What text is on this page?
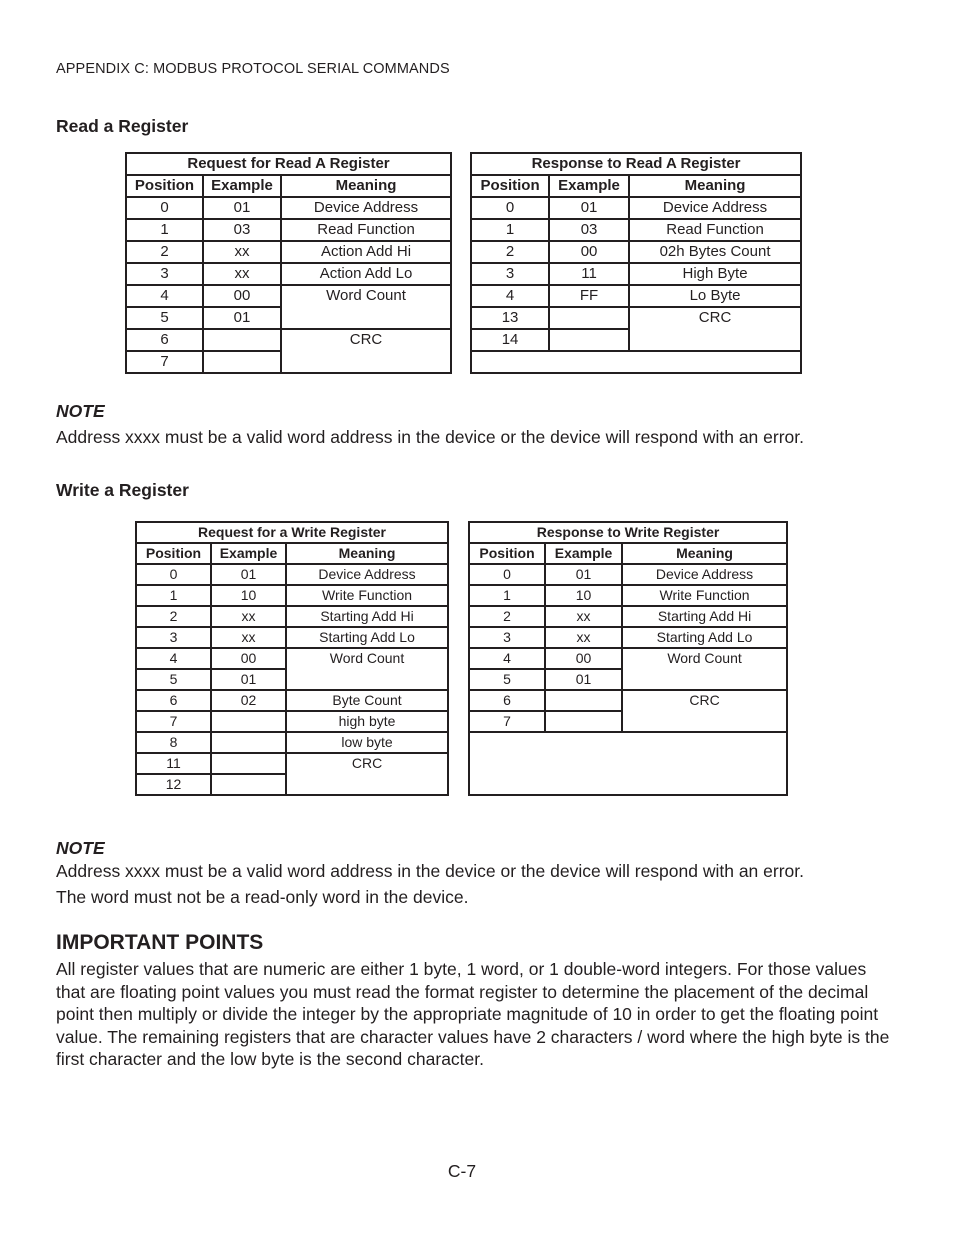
APPENDIX C: MODBUS PROTOCOL SERIAL COMMANDS
Read a Register
Request for Read A Register				Response to Read A Register		
Position	Example	Meaning		Position	Example	Meaning
0	01	Device Address		0	01	Device Address
1	03	Read Function		1	03	Read Function
2	xx	Action Add Hi		2	00	02h Bytes Count
3	xx	Action Add Lo		3	11	High Byte
4	00	Word Count		4	FF	Lo Byte
5	01			13		CRC
6		CRC		14		
7						
NOTE
Address xxxx must be a valid word address in the device or the device will respond with an error.
Write a Register
Request for a Write Register				Response to Write Register		
Position	Example	Meaning		Position	Example	Meaning
0	01	Device Address		0	01	Device Address
1	10	Write Function		1	10	Write Function
2	xx	Starting Add Hi		2	xx	Starting Add Hi
3	xx	Starting Add Lo		3	xx	Starting Add Lo
4	00	Word Count		4	00	Word Count
5	01			5	01	
6	02	Byte Count		6		CRC
7		high byte		7		
8		low byte				
11		CRC				
12						
NOTE
Address xxxx must be a valid word address in the device or the device will respond with an error.
The word must not be a read-only word in the device.
IMPORTANT POINTS
All register values that are numeric are either 1 byte, 1 word, or 1 double-word integers. For those values that are floating point values you must read the format register to determine the placement of the decimal point then multiply or divide the integer by the appropriate magnitude of 10 in order to get the floating point value. The remaining registers that are character values have 2 characters / word where the high byte is the first character and the low byte is the second character.
C-7
